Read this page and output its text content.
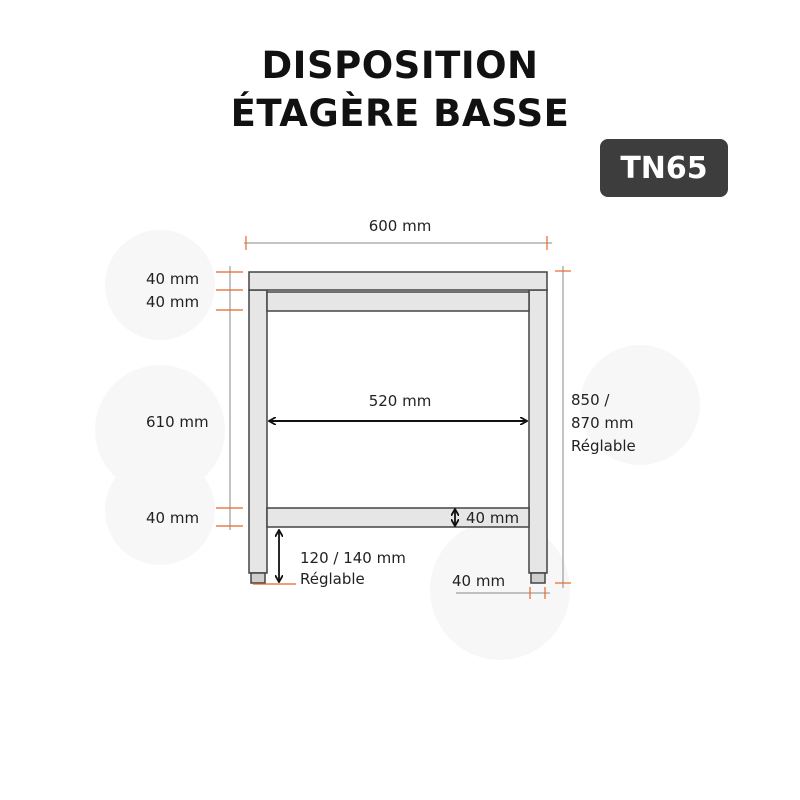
DISPOSITION
ÉTAGÈRE BASSE
TN65
600 mm
40 mm
40 mm
610 mm
40 mm
520 mm
40 mm
850 /
870 mm
Réglable
120 / 140 mm
Réglable	40 mm
